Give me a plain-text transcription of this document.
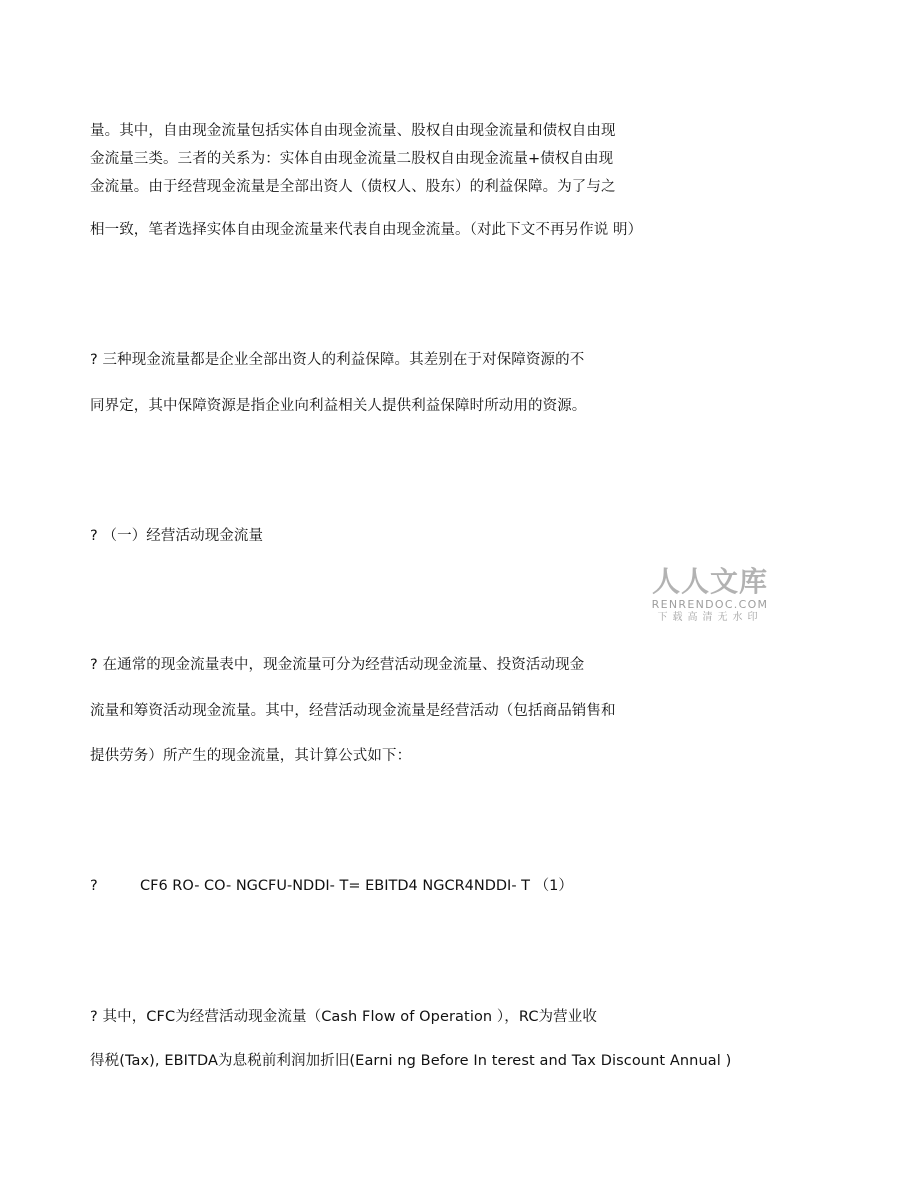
量。其中，自由现金流量包括实体自由现金流量、股权自由现金流量和债权自由现
金流量三类。三者的关系为：实体自由现金流量二股权自由现金流量+债权自由现
金流量。由于经营现金流量是全部出资人（债权人、股东）的利益保障。为了与之
相一致，笔者选择实体自由现金流量来代表自由现金流量。（对此下文不再另作说 明）
? 三种现金流量都是企业全部出资人的利益保障。其差别在于对保障资源的不
同界定，其中保障资源是指企业向利益相关人提供利益保障时所动用的资源。
? （一）经营活动现金流量
人人文库
RENRENDOC.COM
下载高清无水印
? 在通常的现金流量表中，现金流量可分为经营活动现金流量、投资活动现金
流量和筹资活动现金流量。其中，经营活动现金流量是经营活动（包括商品销售和
提供劳务）所产生的现金流量，其计算公式如下：
?	CF6 RO- CO- NGCFU-NDDI- T= EBITD4 NGCR4NDDI- T （1）
? 其中，CFC为经营活动现金流量（Cash Flow of Operation ），RC为营业收
得税(Tax), EBITDA为息税前利润加折旧(Earni ng Before In terest and Tax Discount Annual )
